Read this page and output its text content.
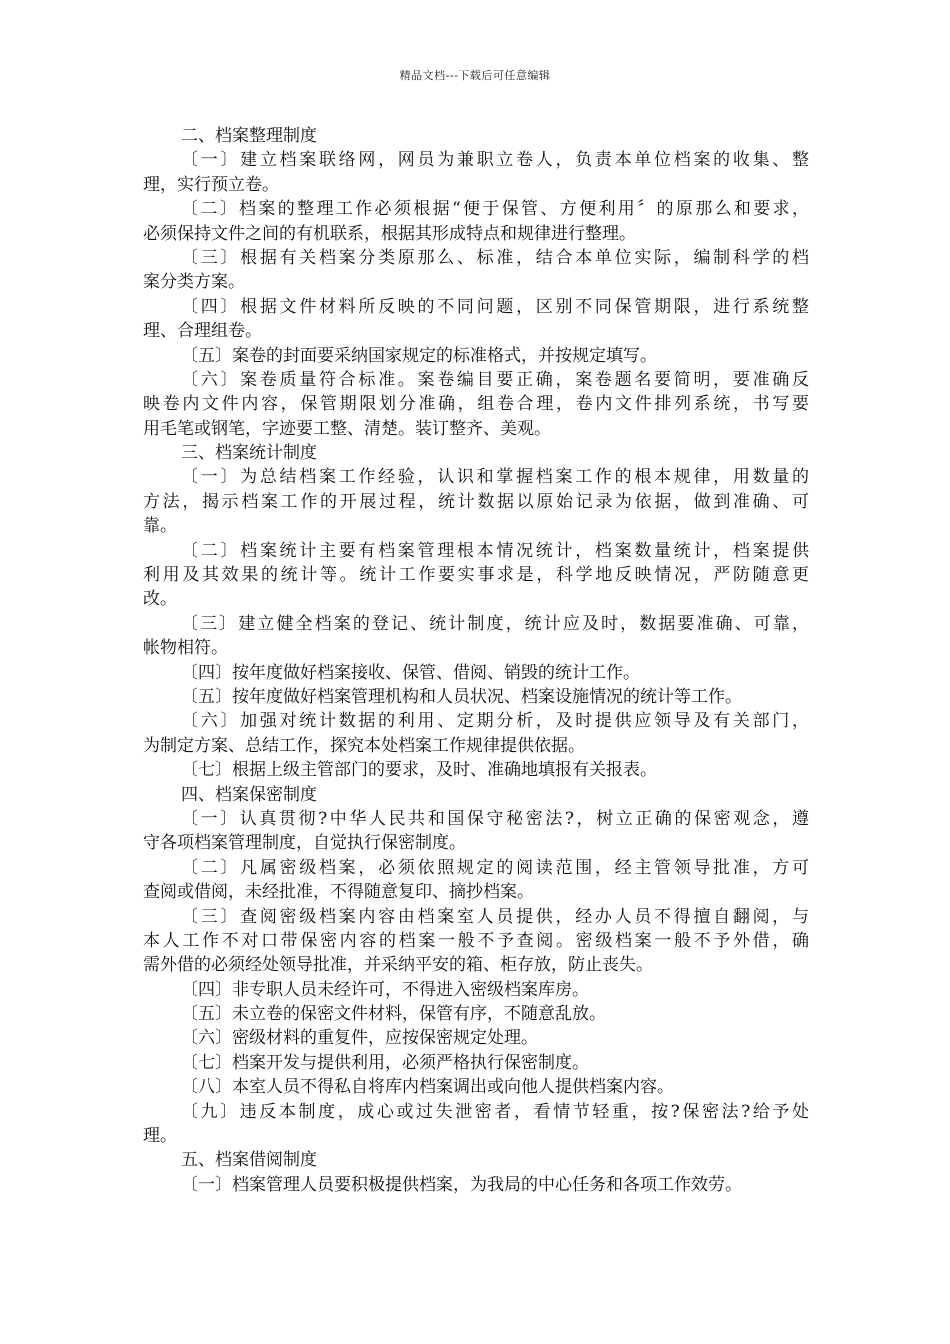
精品文档---下载后可任意编辑
二、档案整理制度
〔一〕建立档案联络网，网员为兼职立卷人，负责本单位档案的收集、整
理，实行预立卷。
〔二〕档案的整理工作必须根据“便于保管、方便利用〞的原那么和要求，
必须保持文件之间的有机联系，根据其形成特点和规律进行整理。
〔三〕根据有关档案分类原那么、标准，结合本单位实际，编制科学的档
案分类方案。
〔四〕根据文件材料所反映的不同问题，区别不同保管期限，进行系统整
理、合理组卷。
〔五〕案卷的封面要采纳国家规定的标准格式，并按规定填写。
〔六〕案卷质量符合标准。案卷编目要正确，案卷题名要简明，要准确反
映卷内文件内容，保管期限划分准确，组卷合理，卷内文件排列系统，书写要
用毛笔或钢笔，字迹要工整、清楚。装订整齐、美观。
三、档案统计制度
〔一〕为总结档案工作经验，认识和掌握档案工作的根本规律，用数量的
方法，揭示档案工作的开展过程，统计数据以原始记录为依据，做到准确、可
靠。
〔二〕档案统计主要有档案管理根本情况统计，档案数量统计，档案提供
利用及其效果的统计等。统计工作要实事求是，科学地反映情况，严防随意更
改。
〔三〕建立健全档案的登记、统计制度，统计应及时，数据要准确、可靠，
帐物相符。
〔四〕按年度做好档案接收、保管、借阅、销毁的统计工作。
〔五〕按年度做好档案管理机构和人员状况、档案设施情况的统计等工作。
〔六〕加强对统计数据的利用、定期分析，及时提供应领导及有关部门，
为制定方案、总结工作，探究本处档案工作规律提供依据。
〔七〕根据上级主管部门的要求，及时、准确地填报有关报表。
四、档案保密制度
〔一〕认真贯彻?中华人民共和国保守秘密法?，树立正确的保密观念，遵
守各项档案管理制度，自觉执行保密制度。
〔二〕凡属密级档案，必须依照规定的阅读范围，经主管领导批准，方可
查阅或借阅，未经批准，不得随意复印、摘抄档案。
〔三〕查阅密级档案内容由档案室人员提供，经办人员不得擅自翻阅，与
本人工作不对口带保密内容的档案一般不予查阅。密级档案一般不予外借，确
需外借的必须经处领导批准，并采纳平安的箱、柜存放，防止丧失。
〔四〕非专职人员未经许可，不得进入密级档案库房。
〔五〕未立卷的保密文件材料，保管有序，不随意乱放。
〔六〕密级材料的重复件，应按保密规定处理。
〔七〕档案开发与提供利用，必须严格执行保密制度。
〔八〕本室人员不得私自将库内档案调出或向他人提供档案内容。
〔九〕违反本制度，成心或过失泄密者，看情节轻重，按?保密法?给予处
理。
五、档案借阅制度
〔一〕档案管理人员要积极提供档案，为我局的中心任务和各项工作效劳。
